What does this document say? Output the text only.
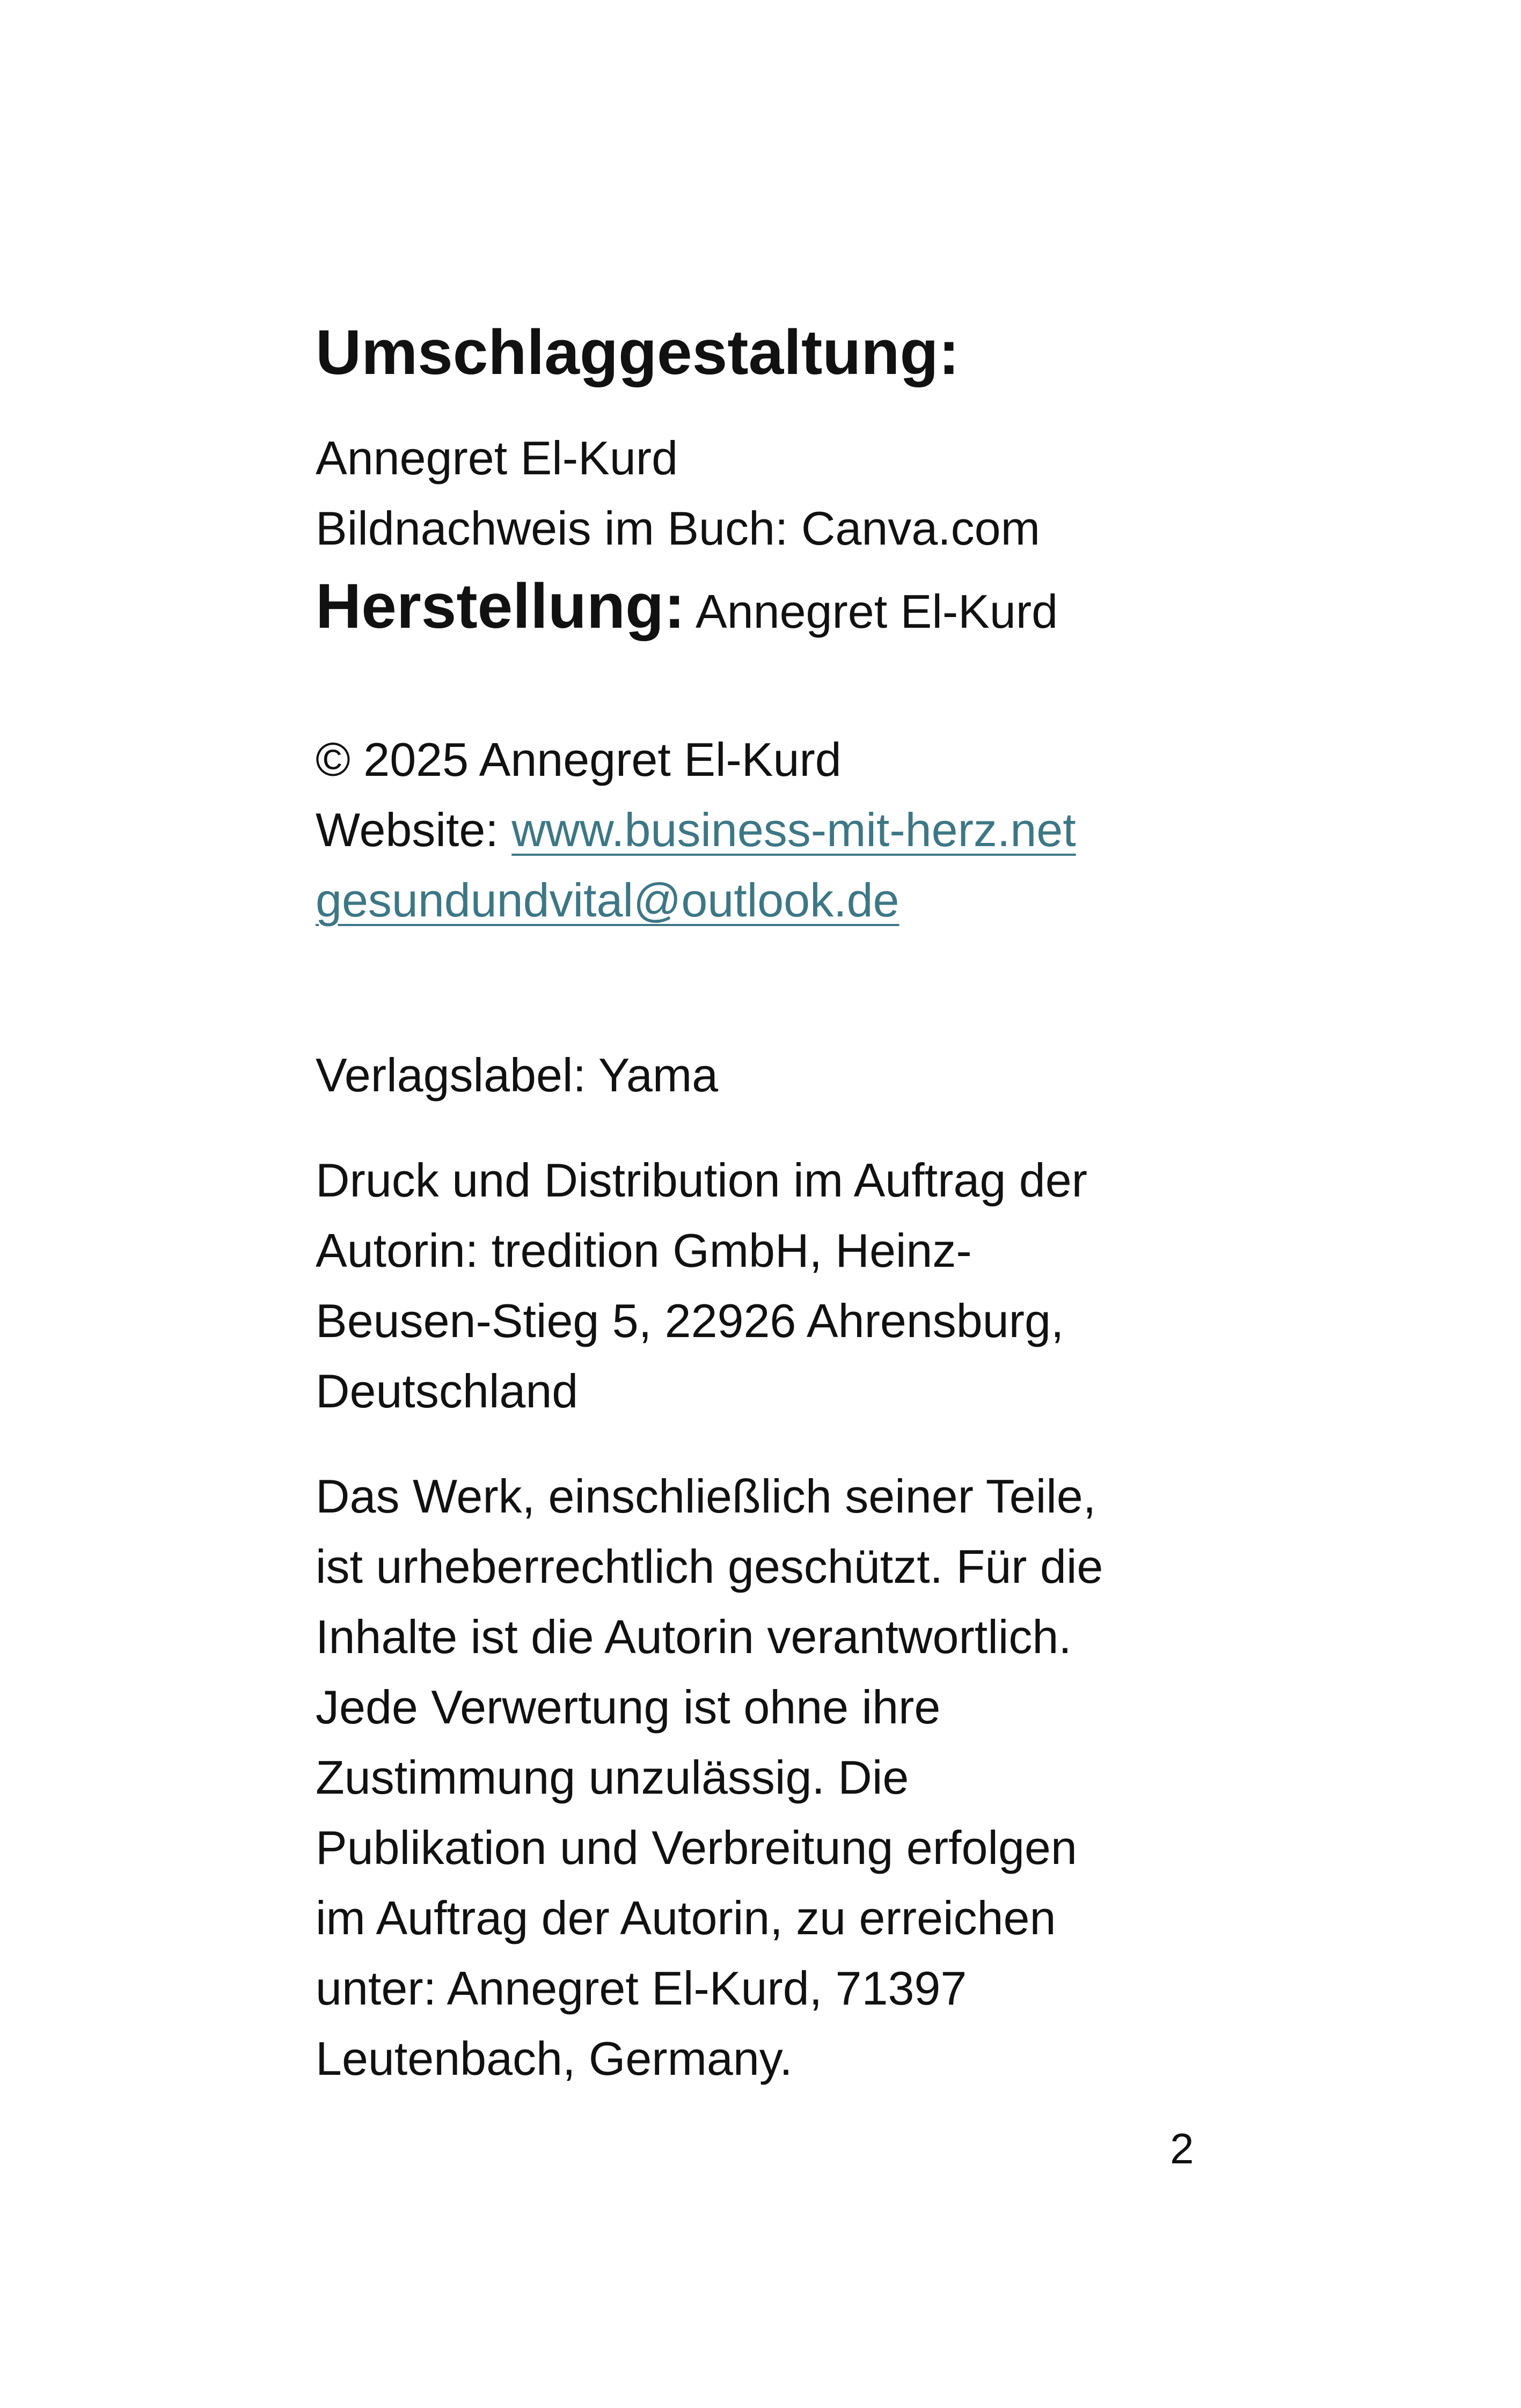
Umschlaggestaltung:
Annegret El-Kurd
Bildnachweis im Buch: Canva.com
Herstellung: Annegret El-Kurd
© 2025 Annegret El-Kurd
Website: www.business-mit-herz.net
gesundundvital@outlook.de
Verlagslabel: Yama
Druck und Distribution im Auftrag der
Autorin: tredition GmbH, Heinz-
Beusen-Stieg 5, 22926 Ahrensburg,
Deutschland
Das Werk, einschließlich seiner Teile,
ist urheberrechtlich geschützt. Für die
Inhalte ist die Autorin verantwortlich.
Jede Verwertung ist ohne ihre
Zustimmung unzulässig. Die
Publikation und Verbreitung erfolgen
im Auftrag der Autorin, zu erreichen
unter: Annegret El-Kurd, 71397
Leutenbach, Germany.
2
